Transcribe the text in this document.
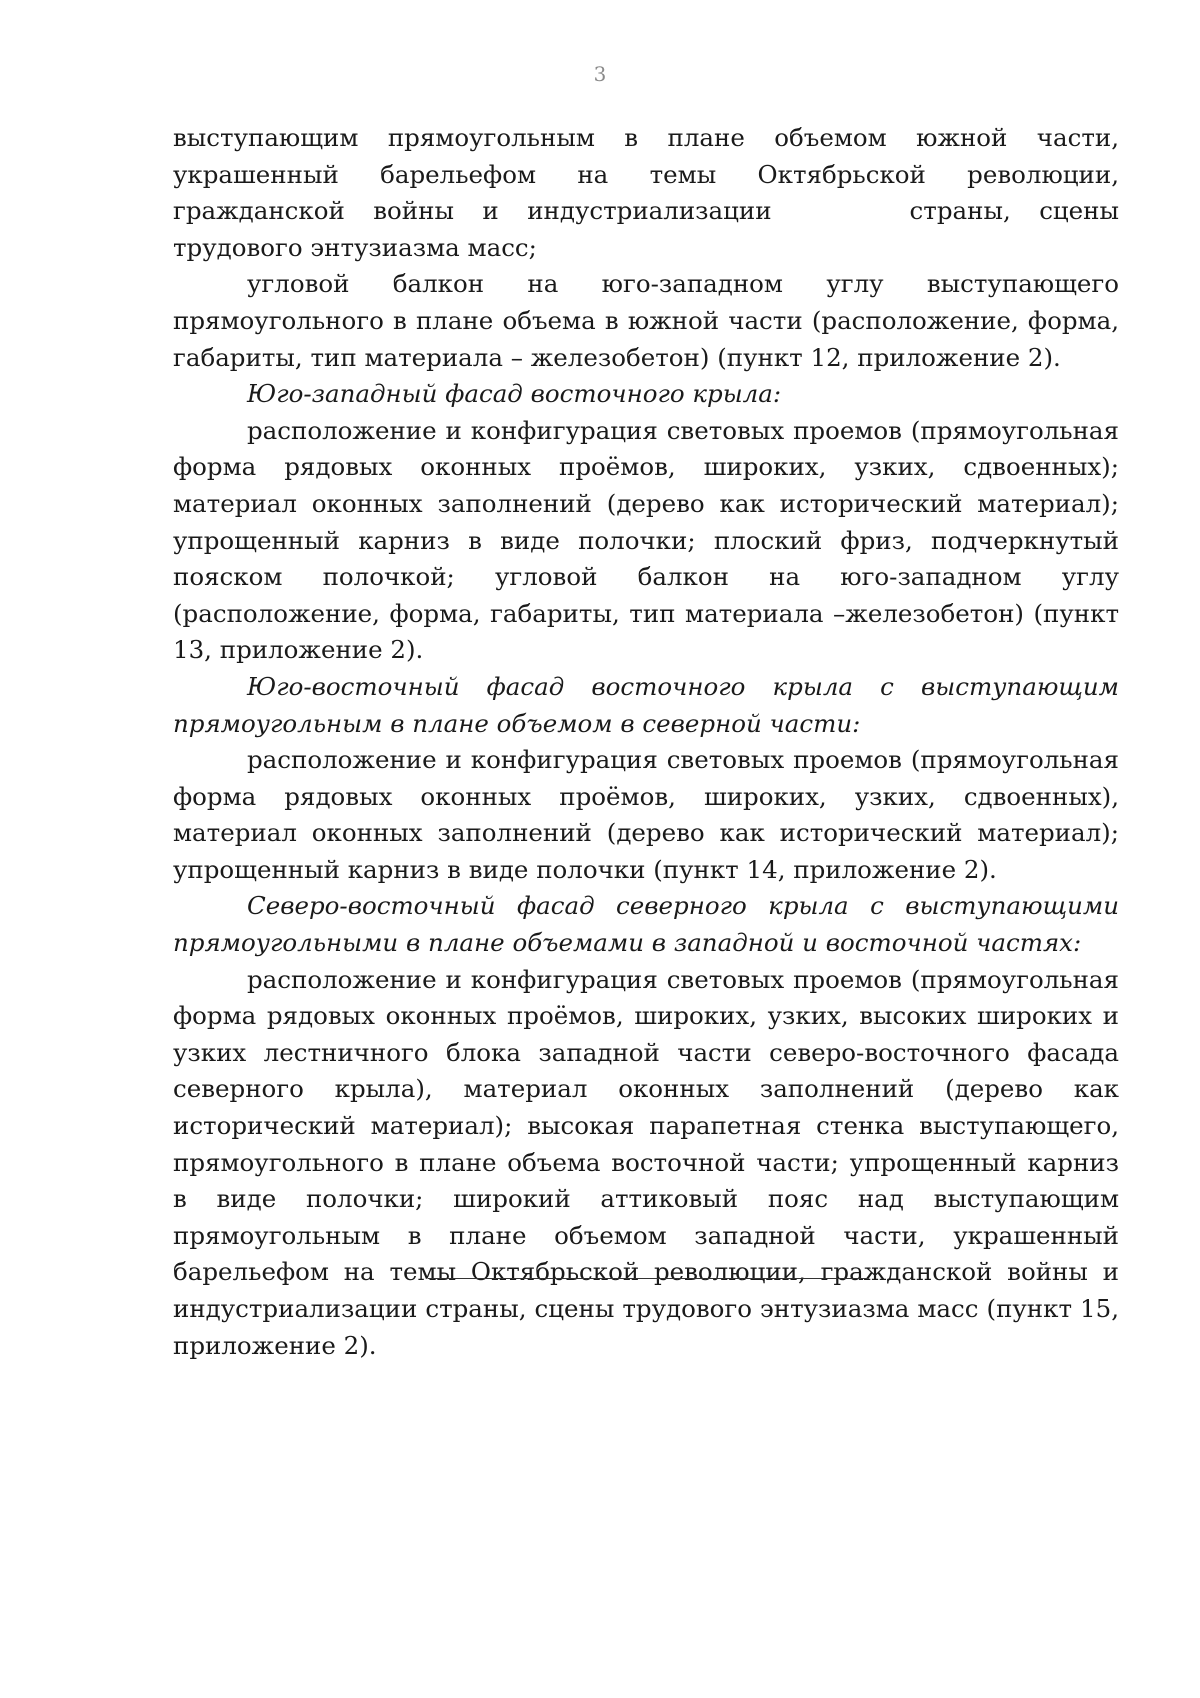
3

выступающим прямоугольным в плане объемом южной части, украшенный барельефом на темы Октябрьской революции, гражданской войны и индустриализации	страны, сцены трудового энтузиазма масс;

угловой балкон на юго-западном углу выступающего прямоугольного в плане объема в южной части (расположение, форма, габариты, тип материала – железобетон) (пункт 12, приложение 2).

Юго-западный фасад восточного крыла:

расположение и конфигурация световых проемов (прямоугольная форма рядовых оконных проёмов, широких, узких, сдвоенных); материал оконных заполнений (дерево как исторический материал); упрощенный карниз в виде полочки; плоский фриз, подчеркнутый пояском полочкой; угловой балкон на юго-западном углу (расположение, форма, габариты, тип материала –железобетон) (пункт 13, приложение 2).

Юго-восточный фасад восточного крыла с выступающим прямоугольным в плане объемом в северной части:

расположение и конфигурация световых проемов (прямоугольная форма рядовых оконных проёмов, широких, узких, сдвоенных), материал оконных заполнений (дерево как исторический материал); упрощенный карниз в виде полочки (пункт 14, приложение 2).

Северо-восточный фасад северного крыла с выступающими прямоугольными в плане объемами в западной и восточной частях:

расположение и конфигурация световых проемов (прямоугольная форма рядовых оконных проёмов, широких, узких, высоких широких и узких лестничного блока западной части северо-восточного фасада северного крыла), материал оконных заполнений (дерево как исторический материал); высокая парапетная стенка выступающего, прямоугольного в плане объема восточной части; упрощенный карниз в виде полочки; широкий аттиковый пояс над выступающим прямоугольным в плане объемом западной части, украшенный барельефом на темы Октябрьской революции, гражданской войны и индустриализации страны, сцены трудового энтузиазма масс (пункт 15, приложение 2).
